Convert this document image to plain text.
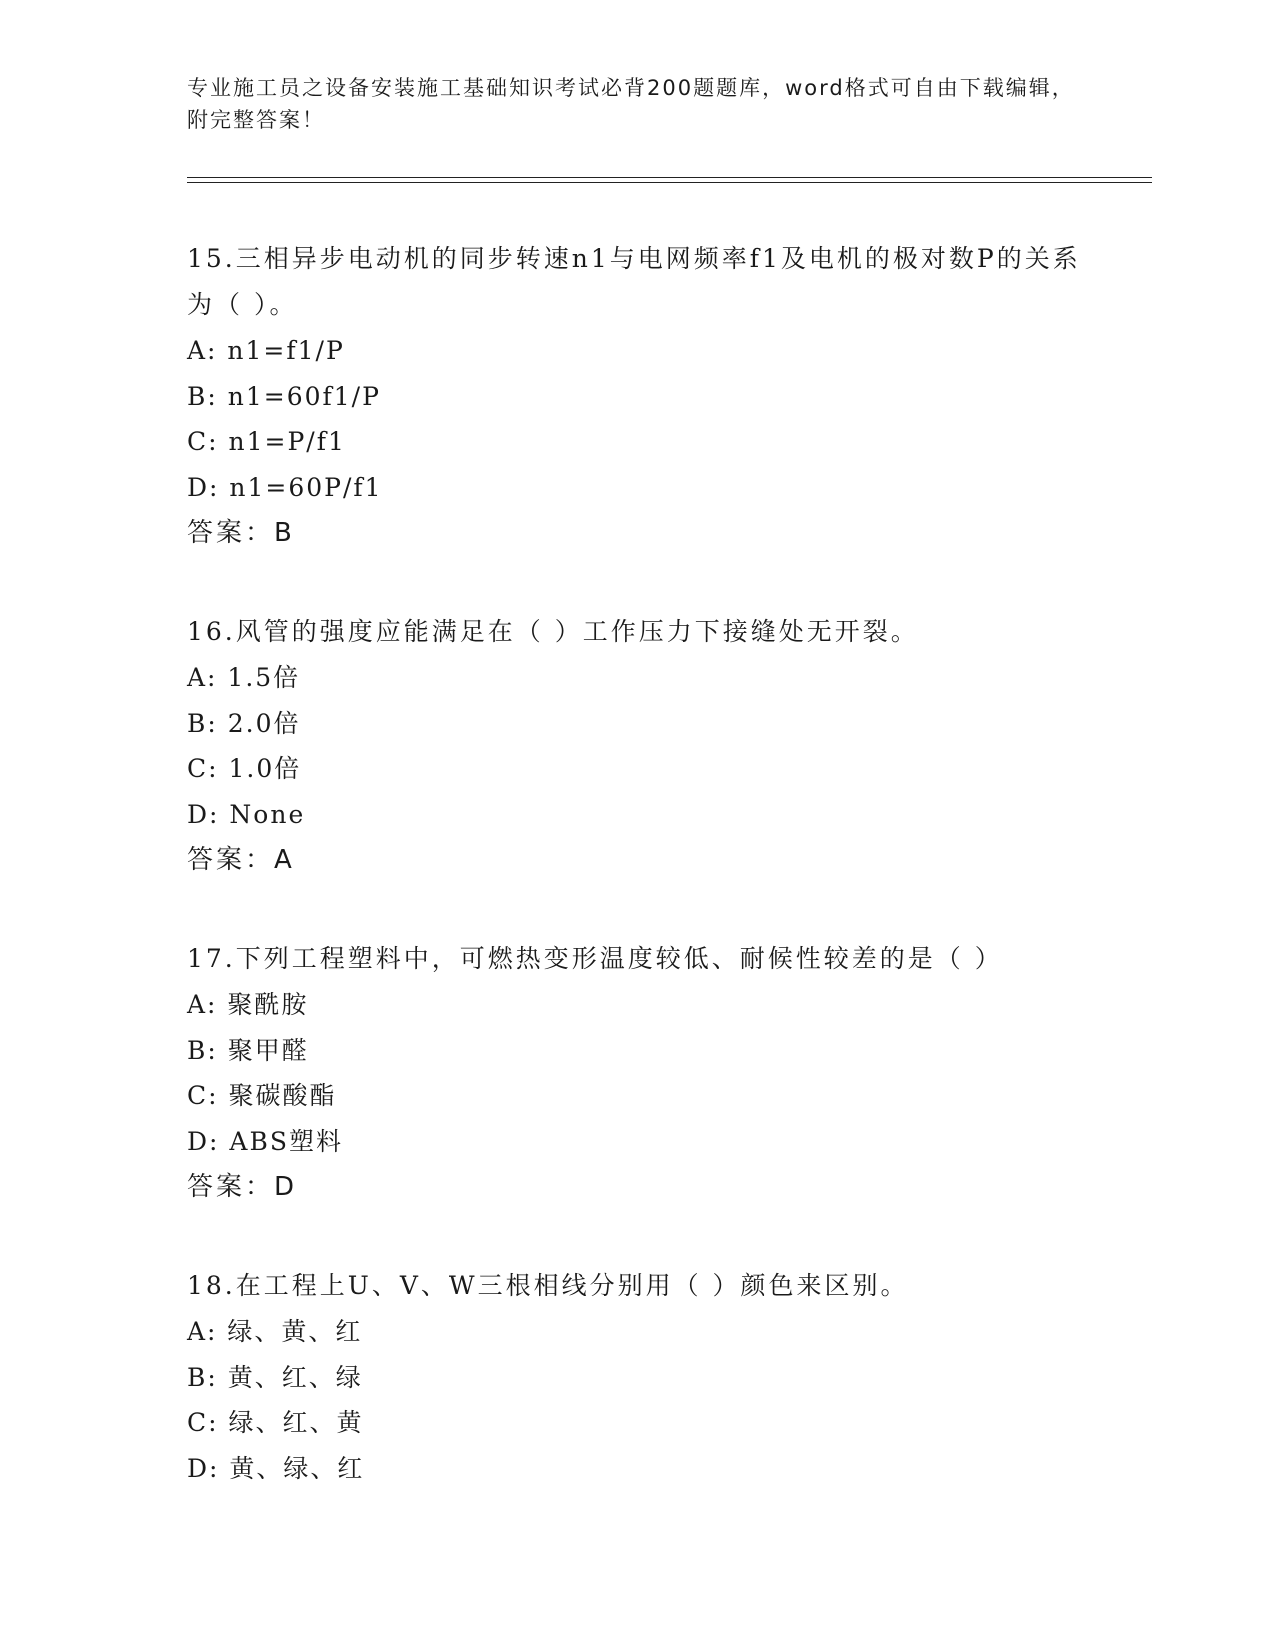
专业施工员之设备安装施工基础知识考试必背200题题库，word格式可自由下载编辑，附完整答案！

15.三相异步电动机的同步转速n1与电网频率f1及电机的极对数P的关系为（ ）。

A: n1=f1/P

B: n1=60f1/P

C: n1=P/f1

D: n1=60P/f1

答案：B

16.风管的强度应能满足在（ ）工作压力下接缝处无开裂。

A: 1.5倍

B: 2.0倍

C: 1.0倍

D: None

答案：A

17.下列工程塑料中，可燃热变形温度较低、耐候性较差的是（ ）

A: 聚酰胺

B: 聚甲醛

C: 聚碳酸酯

D: ABS塑料

答案：D

18.在工程上U、V、W三根相线分别用（ ）颜色来区别。

A: 绿、黄、红

B: 黄、红、绿

C: 绿、红、黄

D: 黄、绿、红
